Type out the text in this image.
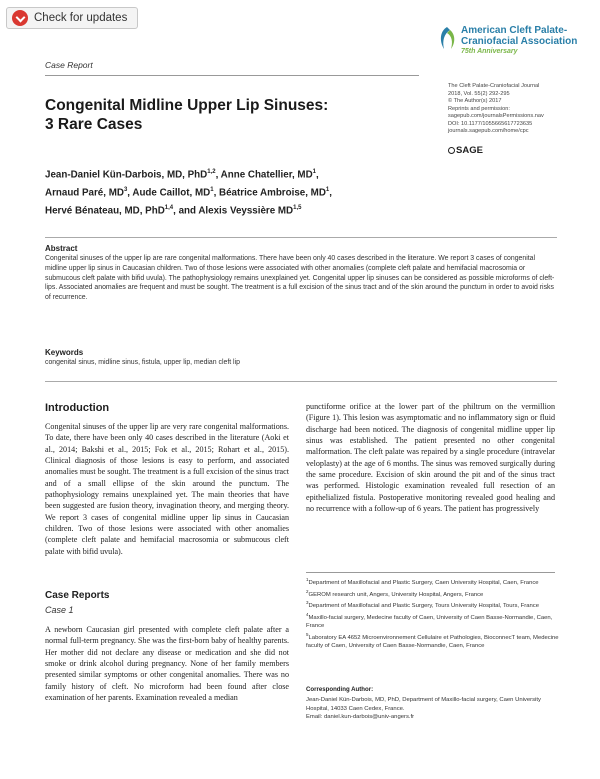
Check for updates
American Cleft Palate-
Craniofacial Association
75th Anniversary
Case Report
The Cleft Palate-Craniofacial Journal
2018, Vol. 55(2) 292-295
© The Author(s) 2017
Reprints and permission:
sagepub.com/journalsPermissions.nav
DOI: 10.1177/1055665617723635
journals.sagepub.com/home/cpc
SAGE
Congenital Midline Upper Lip Sinuses:
3 Rare Cases
Jean-Daniel Kün-Darbois, MD, PhD$^{1,2}$, Anne Chatellier, $MD^1$,
Arnaud Paré, $MD^3$, Aude Caillot, $MD^1$, Béatrice Ambroise, $MD^1$,
Hervé Bénateau, MD, PhD$^{1,4}$, and Alexis Veyssière MD$^{1,5}$
Abstract
Congenital sinuses of the upper lip are rare congenital malformations. There have been only 40 cases described in the literature. We report 3 cases of congenital midline upper lip sinus in Caucasian children. Two of those lesions were associated with other anomalies (complete cleft palate and hemifacial macrosomia or submucous cleft palate with bifid uvula). The pathophysiology remains unexplained yet. Congenital upper lip sinuses can be considered as possible microforms of cleft-lips. Associated anomalies are frequent and must be sought. The treatment is a full excision of the sinus tract and of the skin around the punctum in order to avoid risks of recurrence.
Keywords
congenital sinus, midline sinus, fistula, upper lip, median cleft lip
Introduction
Congenital sinuses of the upper lip are very rare congenital malformations. To date, there have been only 40 cases described in the literature (Aoki et al., 2014; Bakshi et al., 2015; Fok et al., 2015; Rohart et al., 2015). Clinical diagnosis of those lesions is easy to perform, and associated anomalies must be sought. The treatment is a full excision of the sinus tract and of a small ellipse of the skin around the punctum. The pathophysiology remains unexplained yet. The main theories that have been suggested are fusion theory, invagination theory, and merging theory. We report 3 cases of congenital midline upper lip sinus in Caucasian children. Two of those lesions were associated with other anomalies (complete cleft palate and hemifacial macrosomia or submucous cleft palate with bifid uvula).
Case Reports
Case 1
A newborn Caucasian girl presented with complete cleft palate after a normal full-term pregnancy. She was the first-born baby of healthy parents. Her mother did not declare any disease or medication and she did not smoke or drink alcohol during pregnancy. None of her family members presented similar symptoms or other congenital anomalies. There was no family history of cleft. No microform had been found after close examination of her parents. Examination revealed a median
punctiforme orifice at the lower part of the philtrum on the vermillion (Figure 1). This lesion was asymptomatic and no inflammatory sign or fluid discharge had been noticed. The diagnosis of congenital midline upper lip sinus was established. The patient presented no other congenital malformation. The cleft palate was repaired by a single procedure (intravelar veloplasty) at the age of 6 months. The sinus was removed surgically during the same procedure. Excision of skin around the pit and of the sinus tract was performed. Histologic examination revealed full resection of an epithelialized fistula. Postoperative monitoring revealed good healing and no recurrence with a follow-up of 6 years. The patient has progressively
$^1$Department of Maxillofacial and Plastic Surgery, Caen University Hospital, Caen, France
$^2$GEROM research unit, Angers, University Hospital, Angers, France
$^3$Department of Maxillofacial and Plastic Surgery, Tours University Hospital, Tours, France
$^4$Maxillo-facial surgery, Medecine faculty of Caen, University of Caen Basse-Normandie, Caen, France
$^5$Laboratory EA 4652 Microenvironnement Cellulaire et Pathologies, BioconnecT team, Medecine faculty of Caen, University of Caen Basse-Normandie, Caen, France
Corresponding Author:
Jean-Daniel Kün-Darbois, MD, PhD, Department of Maxillo-facial surgery, Caen University Hospital, 14033 Caen Cedex, France.
Email: daniel.kun-darbois@univ-angers.fr
